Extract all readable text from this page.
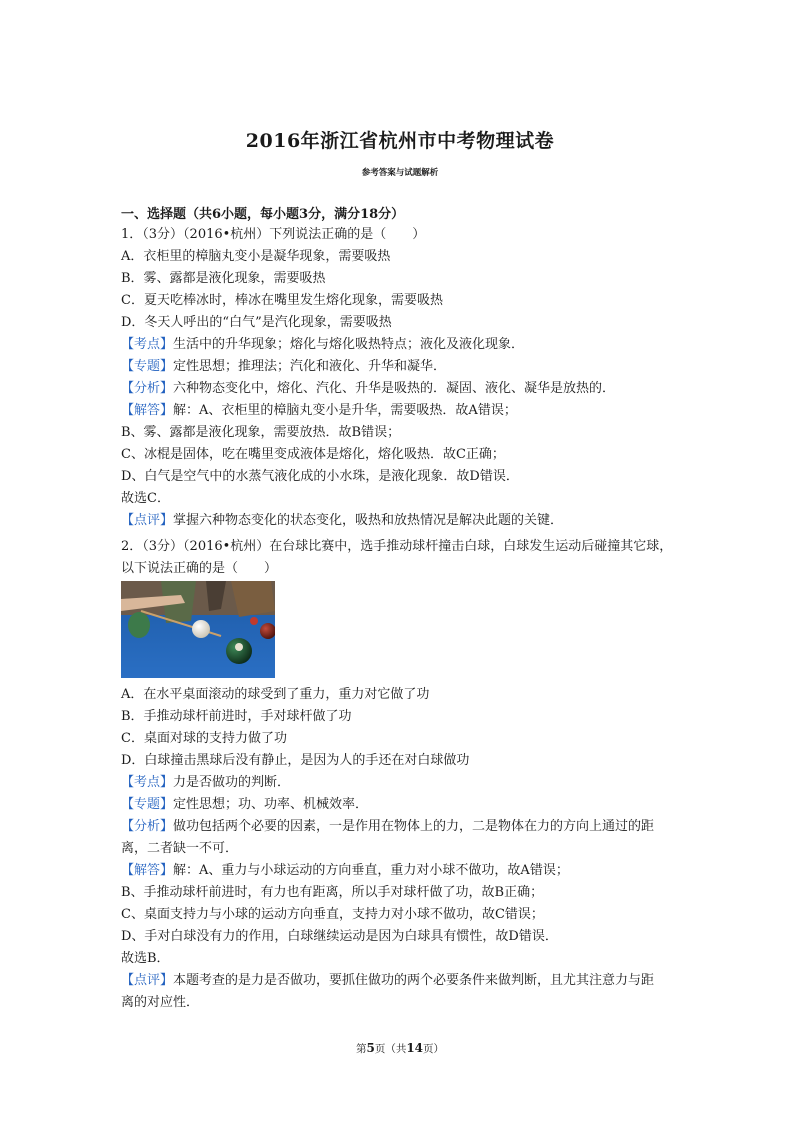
2016年浙江省杭州市中考物理试卷
参考答案与试题解析
一、选择题（共6小题，每小题3分，满分18分）
1．（3分）（2016•杭州）下列说法正确的是（　　）
A．衣柜里的樟脑丸变小是凝华现象，需要吸热
B．雾、露都是液化现象，需要吸热
C．夏天吃棒冰时，棒冰在嘴里发生熔化现象，需要吸热
D．冬天人呼出的“白气”是汽化现象，需要吸热
【考点】生活中的升华现象；熔化与熔化吸热特点；液化及液化现象．
【专题】定性思想；推理法；汽化和液化、升华和凝华．
【分析】六种物态变化中，熔化、汽化、升华是吸热的．凝固、液化、凝华是放热的．
【解答】解：A、衣柜里的樟脑丸变小是升华，需要吸热．故A错误；
B、雾、露都是液化现象，需要放热．故B错误；
C、冰棍是固体，吃在嘴里变成液体是熔化，熔化吸热．故C正确；
D、白气是空气中的水蒸气液化成的小水珠，是液化现象．故D错误．
故选C．
【点评】掌握六种物态变化的状态变化，吸热和放热情况是解决此题的关键．
2．（3分）（2016•杭州）在台球比赛中，选手推动球杆撞击白球，白球发生运动后碰撞其它球，
以下说法正确的是（　　）
A．在水平桌面滚动的球受到了重力，重力对它做了功
B．手推动球杆前进时，手对球杆做了功
C．桌面对球的支持力做了功
D．白球撞击黑球后没有静止，是因为人的手还在对白球做功
【考点】力是否做功的判断．
【专题】定性思想；功、功率、机械效率．
【分析】做功包括两个必要的因素，一是作用在物体上的力，二是物体在力的方向上通过的距
离，二者缺一不可．
【解答】解：A、重力与小球运动的方向垂直，重力对小球不做功，故A错误；
B、手推动球杆前进时，有力也有距离，所以手对球杆做了功，故B正确；
C、桌面支持力与小球的运动方向垂直，支持力对小球不做功，故C错误；
D、手对白球没有力的作用，白球继续运动是因为白球具有惯性，故D错误．
故选B．
【点评】本题考查的是力是否做功，要抓住做功的两个必要条件来做判断，且尤其注意力与距
离的对应性．
第5页（共14页）
